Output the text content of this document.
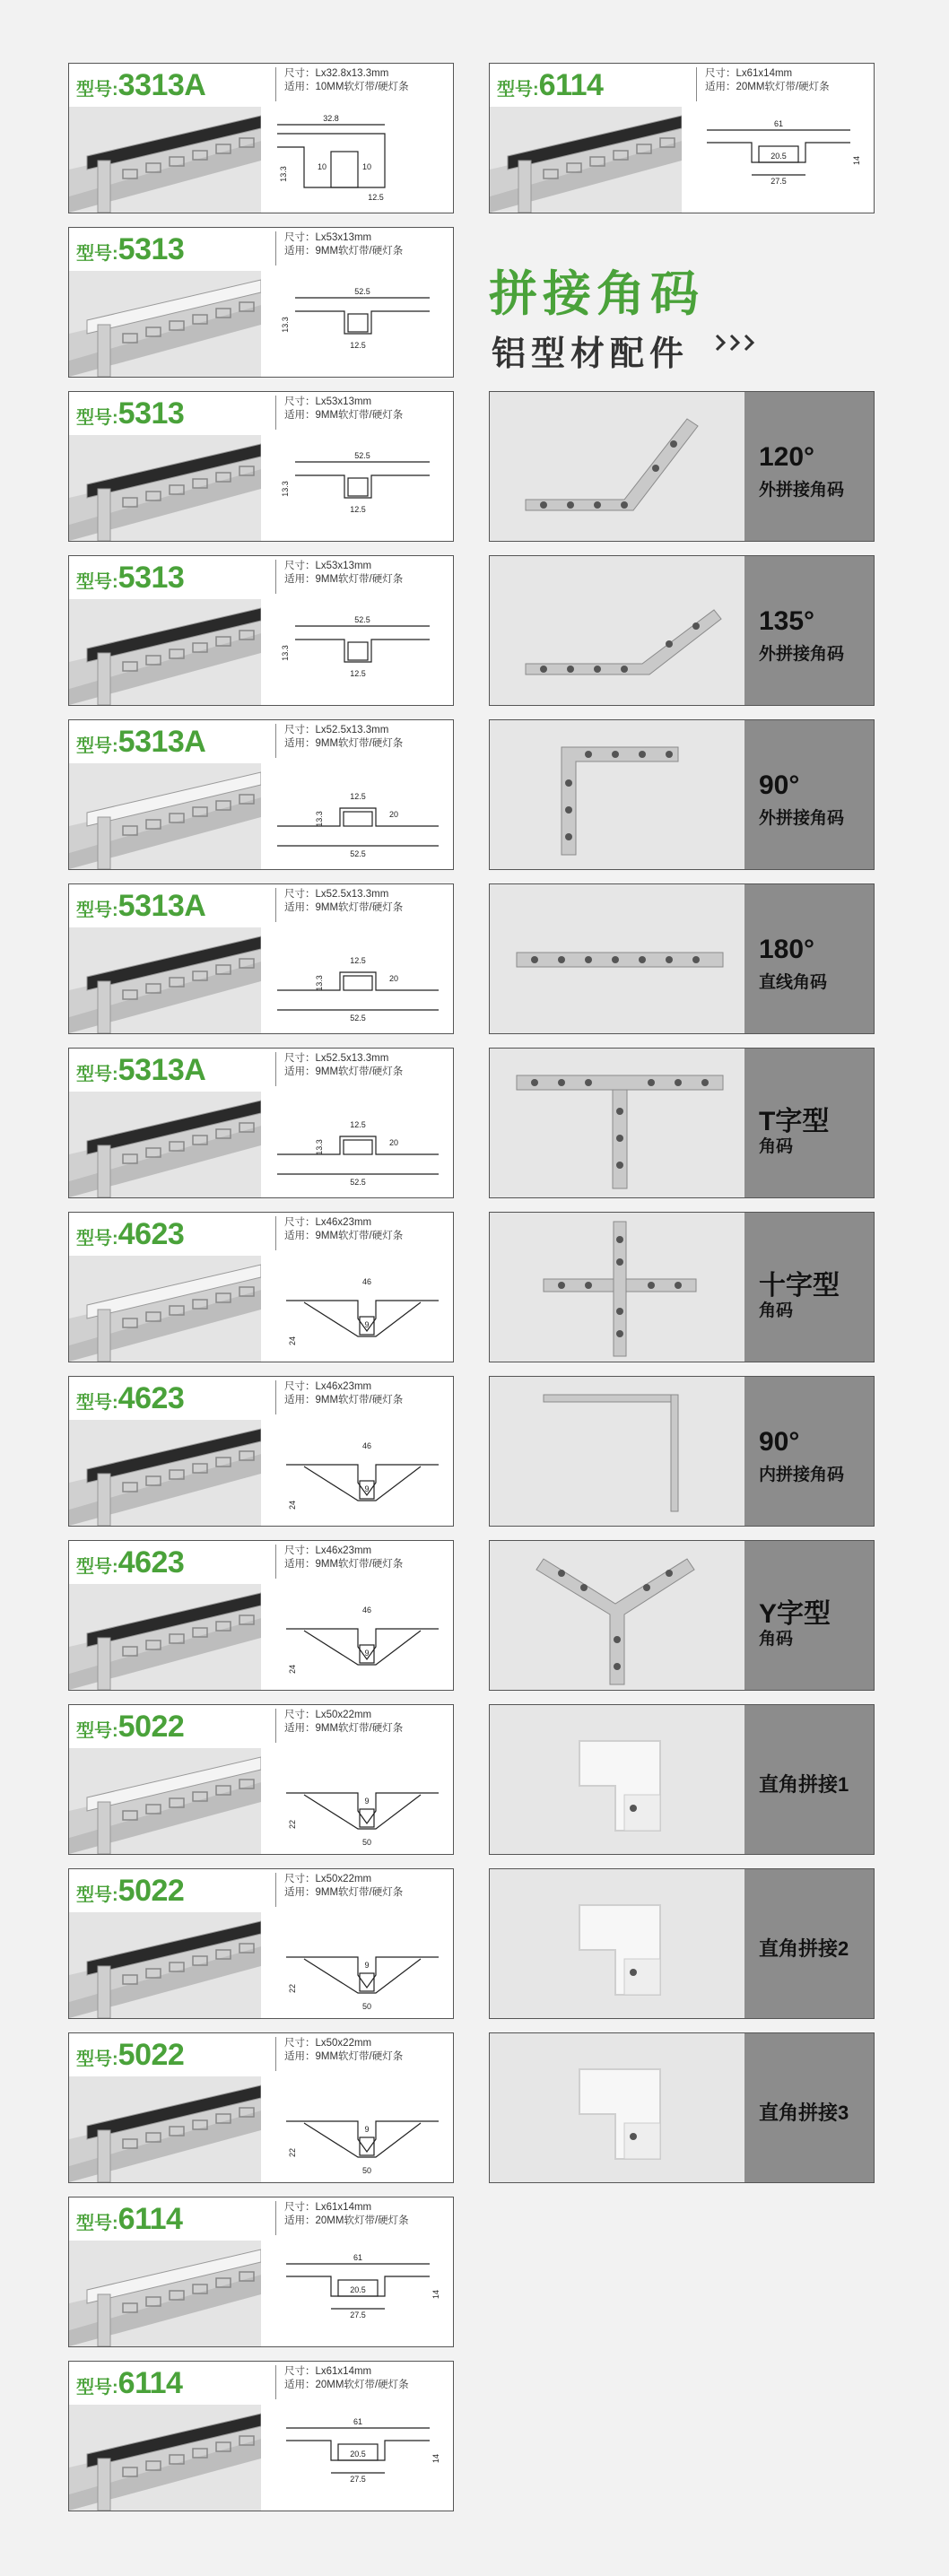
拼接角码
铝型材配件
型号:3313A	尺寸：Lx32.8x13.3mm
适用：10MM软灯带/硬灯条
32.8
13.3	10	10
12.5
型号:6114	尺寸：Lx61x14mm
适用：20MM软灯带/硬灯条
61
20.5	14
27.5
型号:5313	尺寸：Lx53x13mm
适用：9MM软灯带/硬灯条
52.5
13.3
12.5
型号:5313	尺寸：Lx53x13mm
适用：9MM软灯带/硬灯条
52.5
13.3
12.5
型号:5313	尺寸：Lx53x13mm
适用：9MM软灯带/硬灯条
52.5
13.3
12.5
型号:5313A	尺寸：Lx52.5x13.3mm
适用：9MM软灯带/硬灯条
12.5
13.3	20
52.5
型号:5313A	尺寸：Lx52.5x13.3mm
适用：9MM软灯带/硬灯条
12.5
13.3	20
52.5
型号:5313A	尺寸：Lx52.5x13.3mm
适用：9MM软灯带/硬灯条
12.5
13.3	20
52.5
型号:4623	尺寸：Lx46x23mm
适用：9MM软灯带/硬灯条
46
24
9
型号:4623	尺寸：Lx46x23mm
适用：9MM软灯带/硬灯条
46
24
9
型号:4623	尺寸：Lx46x23mm
适用：9MM软灯带/硬灯条
46
24
9
型号:5022	尺寸：Lx50x22mm
适用：9MM软灯带/硬灯条
9
22
50
型号:5022	尺寸：Lx50x22mm
适用：9MM软灯带/硬灯条
9
22
50
型号:5022	尺寸：Lx50x22mm
适用：9MM软灯带/硬灯条
9
22
50
型号:6114	尺寸：Lx61x14mm
适用：20MM软灯带/硬灯条
61
20.5	14
27.5
型号:6114	尺寸：Lx61x14mm
适用：20MM软灯带/硬灯条
61
20.5	14
27.5
120°
外拼接角码
135°
外拼接角码
90°
外拼接角码
180°
直线角码
T字型
角码
十字型
角码
90°
内拼接角码
Y字型
角码
直角拼接1
直角拼接2
直角拼接3
